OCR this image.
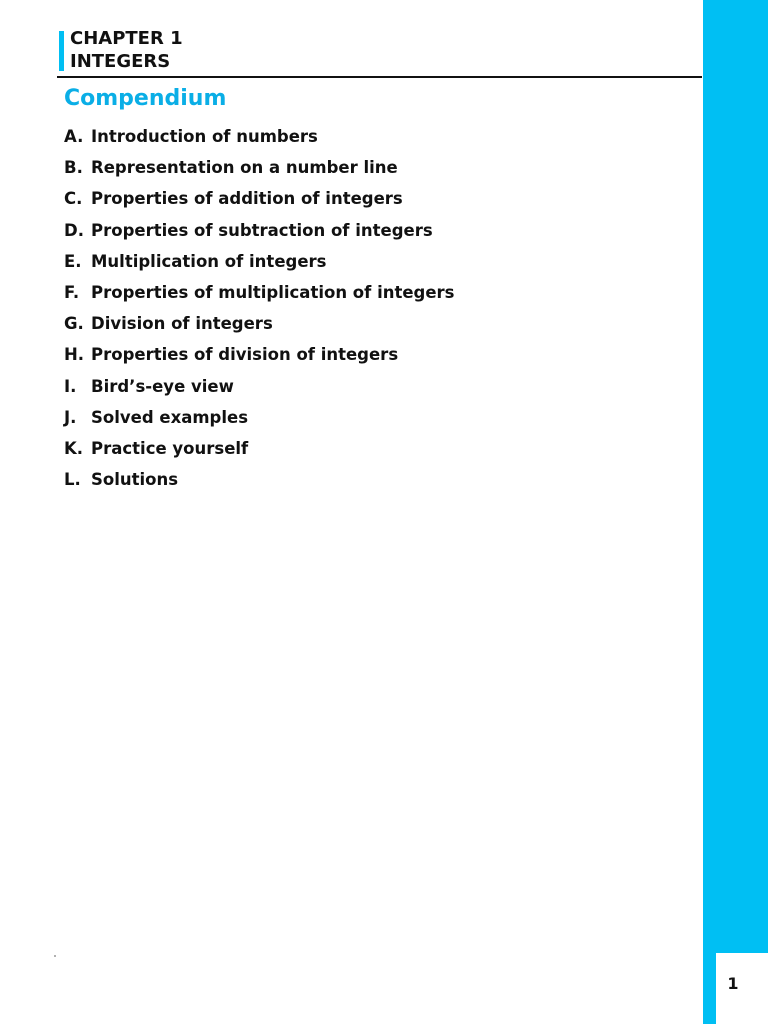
1
CHAPTER 1
INTEGERS
Compendium
A. Introduction of numbers
B. Representation on a number line
C. Properties of addition of integers
D. Properties of subtraction of integers
E. Multiplication of integers
F. Properties of multiplication of integers
G. Division of integers
H. Properties of division of integers
I. Bird’s-eye view
J. Solved examples
K. Practice yourself
L. Solutions
